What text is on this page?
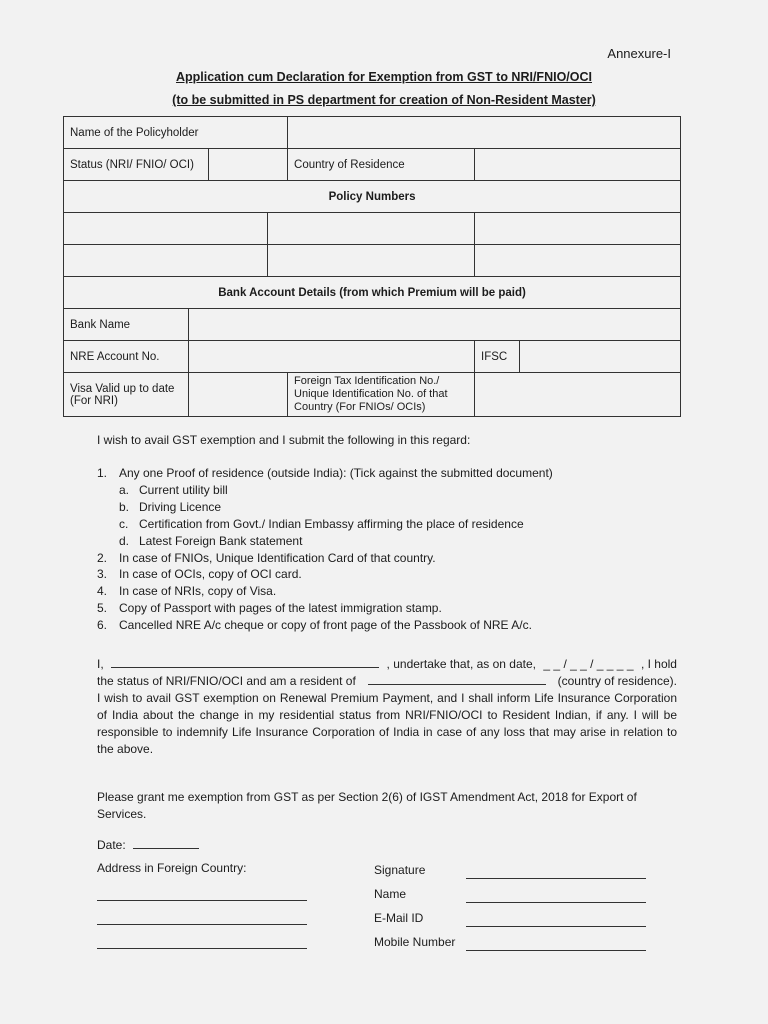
Annexure-I
Application cum Declaration for Exemption from GST to NRI/FNIO/OCI
(to be submitted in PS department for creation of Non-Resident Master)
Name of the Policyholder						
Status (NRI/ FNIO/ OCI)				Country of Residence		
Policy Numbers						

Bank Account Details (from which Premium will be paid)						
Bank Name						
NRE Account No.					IFSC	
Visa Valid up to date (For NRI)				Foreign Tax Identification No./ Unique Identification No. of that Country (For FNIOs/ OCIs)		
I wish to avail GST exemption and I submit the following in this regard:
1. Any one Proof of residence (outside India): (Tick against the submitted document)
a. Current utility bill
b. Driving Licence
c. Certification from Govt./ Indian Embassy affirming the place of residence
d. Latest Foreign Bank statement
2. In case of FNIOs, Unique Identification Card of that country.
3. In case of OCIs, copy of OCI card.
4. In case of NRIs, copy of Visa.
5. Copy of Passport with pages of the latest immigration stamp.
6. Cancelled NRE A/c cheque or copy of front page of the Passbook of NRE A/c.
I,	, undertake that, as on date, _ _ / _ _ / _ _ _ _ , I hold
the status of NRI/FNIO/OCI and am a resident of	(country of residence).
I wish to avail GST exemption on Renewal Premium Payment, and I shall inform Life Insurance Corporation of India about the change in my residential status from NRI/FNIO/OCI to Resident Indian, if any. I will be responsible to indemnify Life Insurance Corporation of India in case of any loss that may arise in relation to the above.
Please grant me exemption from GST as per Section 2(6) of IGST Amendment Act, 2018 for Export of Services.
Date:
Address in Foreign Country:	Signature
Name
E-Mail ID
Mobile Number
